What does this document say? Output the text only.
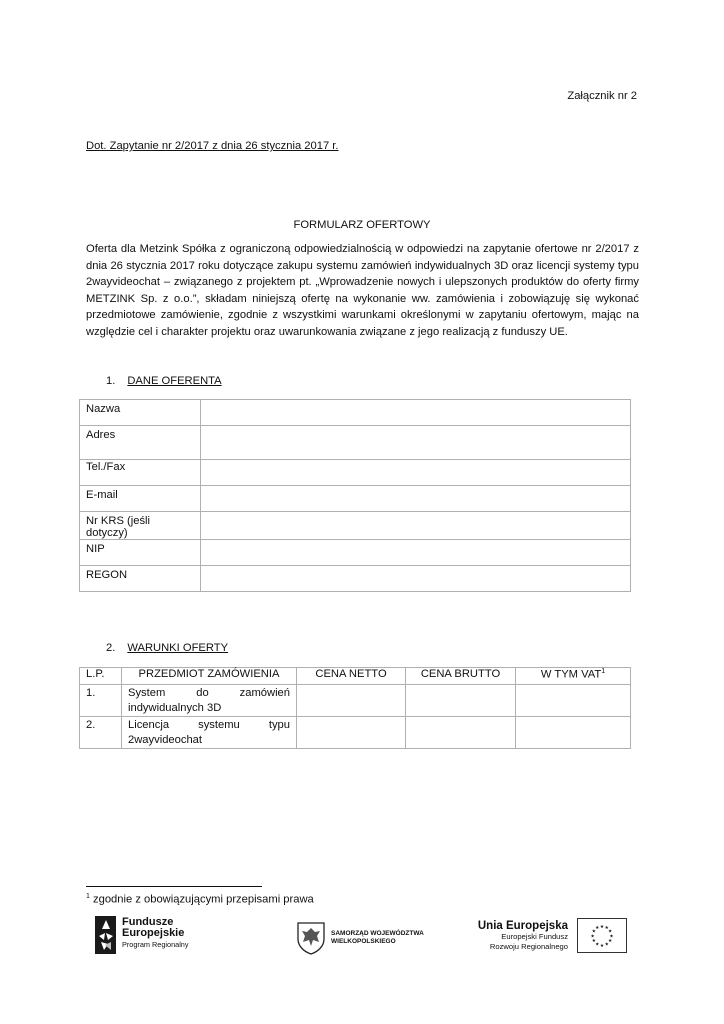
Załącznik nr 2
Dot. Zapytanie nr 2/2017 z dnia 26 stycznia 2017 r.
FORMULARZ OFERTOWY

Oferta dla Metzink Spółka z ograniczoną odpowiedzialnością w odpowiedzi na zapytanie ofertowe nr 2/2017 z dnia 26 stycznia 2017 roku dotyczące zakupu systemu zamówień indywidualnych 3D oraz licencji systemy typu 2wayvideochat – związanego z projektem pt. „Wprowadzenie nowych i ulepszonych produktów do oferty firmy METZINK Sp. z o.o.”, składam niniejszą ofertę na wykonanie ww. zamówienia i zobowiązuję się wykonać przedmiotowe zamówienie, zgodnie z wszystkimi warunkami określonymi w zapytaniu ofertowym, mając na względzie cel i charakter projektu oraz uwarunkowania związane z jego realizacją z funduszy UE.

1. DANE OFERENTA
Nazwa	
Adres	
Tel./Fax	
E-mail	
Nr KRS (jeśli dotyczy)	
NIP	
REGON	
2. WARUNKI OFERTY
L.P.	PRZEDMIOT ZAMÓWIENIA	CENA NETTO	CENA BRUTTO	W TYM VAT$^1$
1.	System do zamówień
indywidualnych 3D			
2.	Licencja systemu typu
2wayvideochat			
$^1$ zgodnie z obowiązującymi przepisami prawa
Fundusze
Europejskie
Program Regionalny
SAMORZĄD WOJEWÓDZTWA
WIELKOPOLSKIEGO
Unia Europejska
Europejski Fundusz
Rozwoju Regionalnego
★ ★
★
★
★
★
★
★
★
★
★
★
